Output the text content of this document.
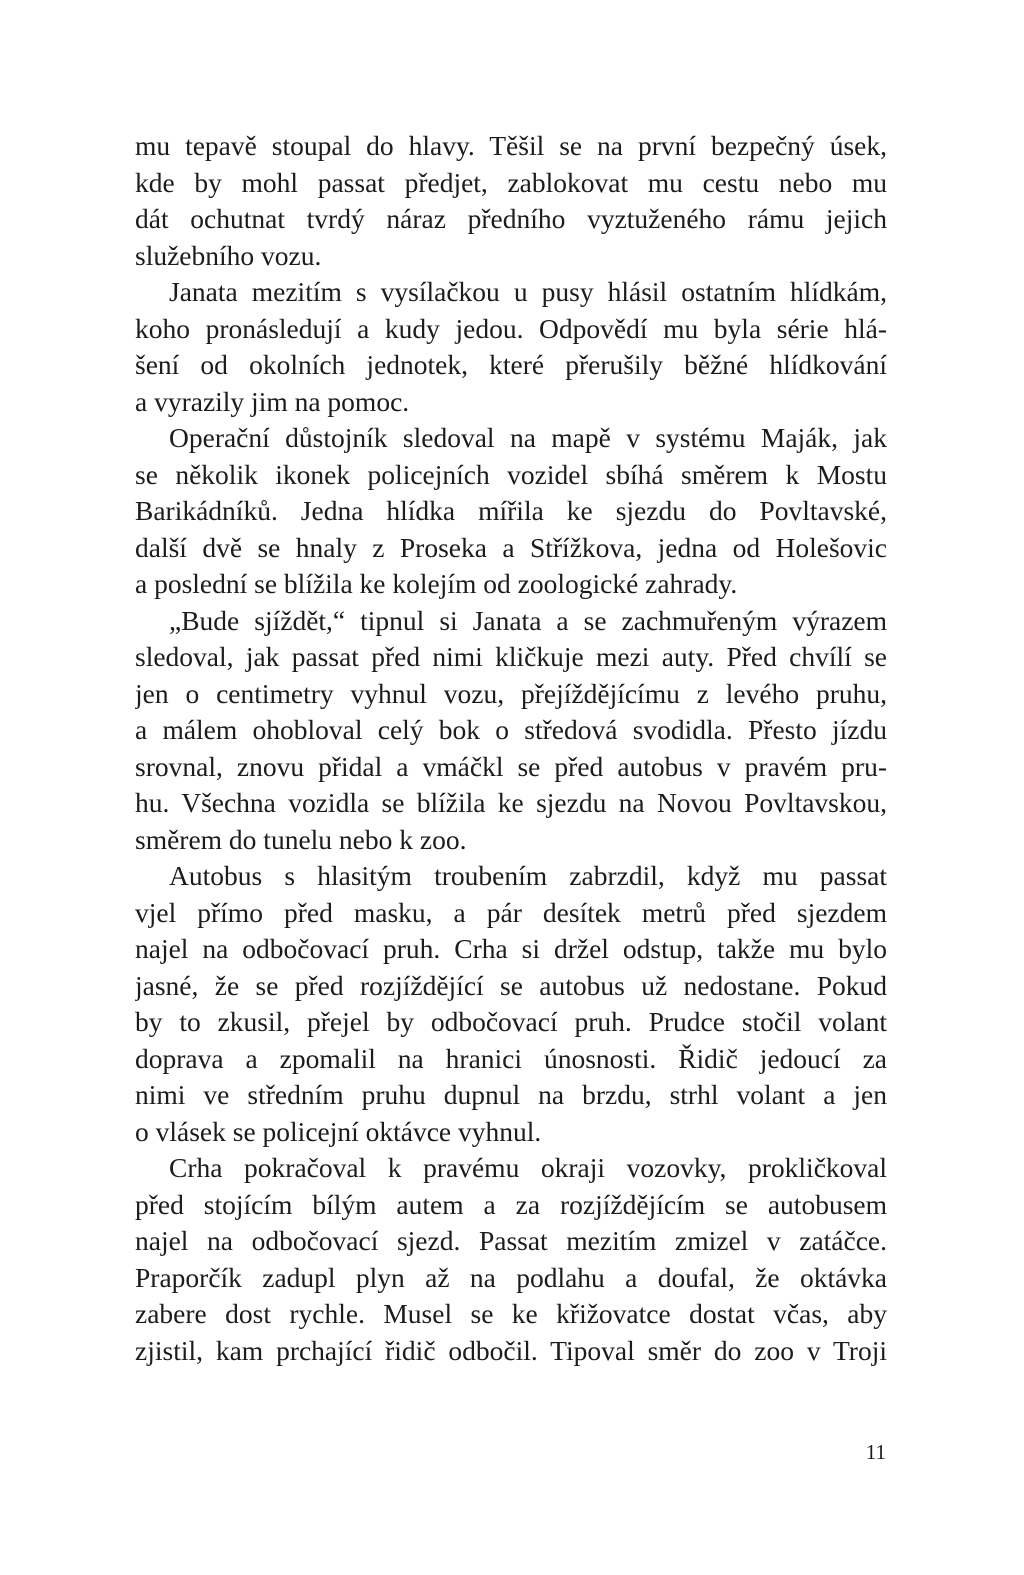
mu tepavě stoupal do hlavy. Těšil se na první bezpečný úsek,
kde by mohl passat předjet, zablokovat mu cestu nebo mu
dát ochutnat tvrdý náraz předního vyztuženého rámu jejich
služebního vozu.
Janata mezitím s vysílačkou u pusy hlásil ostatním hlídkám,
koho pronásledují a kudy jedou. Odpovědí mu byla série hlá-
šení od okolních jednotek, které přerušily běžné hlídkování
a vyrazily jim na pomoc.
Operační důstojník sledoval na mapě v systému Maják, jak
se několik ikonek policejních vozidel sbíhá směrem k Mostu
Barikádníků. Jedna hlídka mířila ke sjezdu do Povltavské,
další dvě se hnaly z Proseka a Střížkova, jedna od Holešovic
a poslední se blížila ke kolejím od zoologické zahrady.
„Bude sjíždět,“ tipnul si Janata a se zachmuřeným výrazem
sledoval, jak passat před nimi kličkuje mezi auty. Před chvílí se
jen o centimetry vyhnul vozu, přejíždějícímu z levého pruhu,
a málem ohobloval celý bok o středová svodidla. Přesto jízdu
srovnal, znovu přidal a vmáčkl se před autobus v pravém pru-
hu. Všechna vozidla se blížila ke sjezdu na Novou Povltavskou,
směrem do tunelu nebo k zoo.
Autobus s hlasitým troubením zabrzdil, když mu passat
vjel přímo před masku, a pár desítek metrů před sjezdem
najel na odbočovací pruh. Crha si držel odstup, takže mu bylo
jasné, že se před rozjíždějící se autobus už nedostane. Pokud
by to zkusil, přejel by odbočovací pruh. Prudce stočil volant
doprava a zpomalil na hranici únosnosti. Řidič jedoucí za
nimi ve středním pruhu dupnul na brzdu, strhl volant a jen
o vlásek se policejní oktávce vyhnul.
Crha pokračoval k pravému okraji vozovky, prokličkoval
před stojícím bílým autem a za rozjíždějícím se autobusem
najel na odbočovací sjezd. Passat mezitím zmizel v zatáčce.
Praporčík zadupl plyn až na podlahu a doufal, že oktávka
zabere dost rychle. Musel se ke křižovatce dostat včas, aby
zjistil, kam prchající řidič odbočil. Tipoval směr do zoo v Troji
11
